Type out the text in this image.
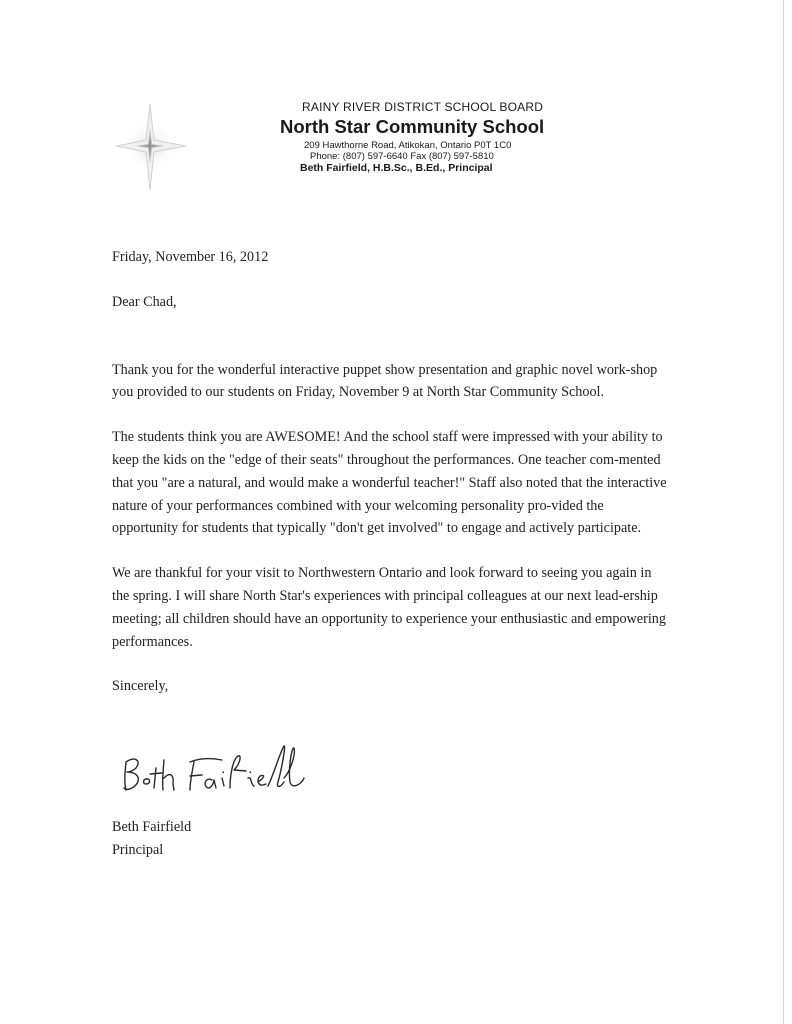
RAINY RIVER DISTRICT SCHOOL BOARD
North Star Community School
209 Hawthorne Road, Atikokan, Ontario P0T 1C0
Phone: (807) 597-6640 Fax (807) 597-5810
Beth Fairfield, H.B.Sc., B.Ed., Principal

Friday, November 16, 2012

Dear Chad,

Thank you for the wonderful interactive puppet show presentation and graphic novel work-shop you provided to our students on Friday, November 9 at North Star Community School.

The students think you are AWESOME! And the school staff were impressed with your ability to keep the kids on the "edge of their seats" throughout the performances. One teacher com-mented that you "are a natural, and would make a wonderful teacher!" Staff also noted that the interactive nature of your performances combined with your welcoming personality pro-vided the opportunity for students that typically "don't get involved" to engage and actively participate.

We are thankful for your visit to Northwestern Ontario and look forward to seeing you again in the spring. I will share North Star's experiences with principal colleagues at our next lead-ership meeting; all children should have an opportunity to experience your enthusiastic and empowering performances.

Sincerely,

Beth Fairfield
Principal
